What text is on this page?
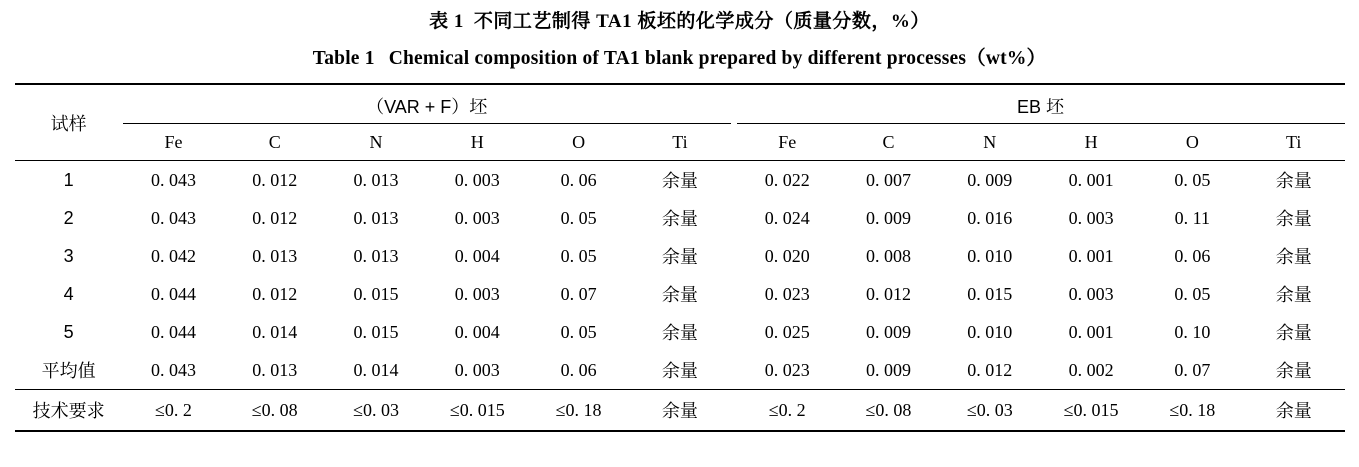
表 1 不同工艺制得 TA1 板坯的化学成分（质量分数，%）
Table 1 Chemical composition of TA1 blank prepared by different processes（wt%）
试样	（VAR + F）坯							EB 坯					
	Fe	C	N	H	O	Ti		Fe	C	N	H	O	Ti
1	0. 043	0. 012	0. 013	0. 003	0. 06	余量		0. 022	0. 007	0. 009	0. 001	0. 05	余量
2	0. 043	0. 012	0. 013	0. 003	0. 05	余量		0. 024	0. 009	0. 016	0. 003	0. 11	余量
3	0. 042	0. 013	0. 013	0. 004	0. 05	余量		0. 020	0. 008	0. 010	0. 001	0. 06	余量
4	0. 044	0. 012	0. 015	0. 003	0. 07	余量		0. 023	0. 012	0. 015	0. 003	0. 05	余量
5	0. 044	0. 014	0. 015	0. 004	0. 05	余量		0. 025	0. 009	0. 010	0. 001	0. 10	余量
平均值	0. 043	0. 013	0. 014	0. 003	0. 06	余量		0. 023	0. 009	0. 012	0. 002	0. 07	余量
技术要求	≤0. 2	≤0. 08	≤0. 03	≤0. 015	≤0. 18	余量		≤0. 2	≤0. 08	≤0. 03	≤0. 015	≤0. 18	余量
